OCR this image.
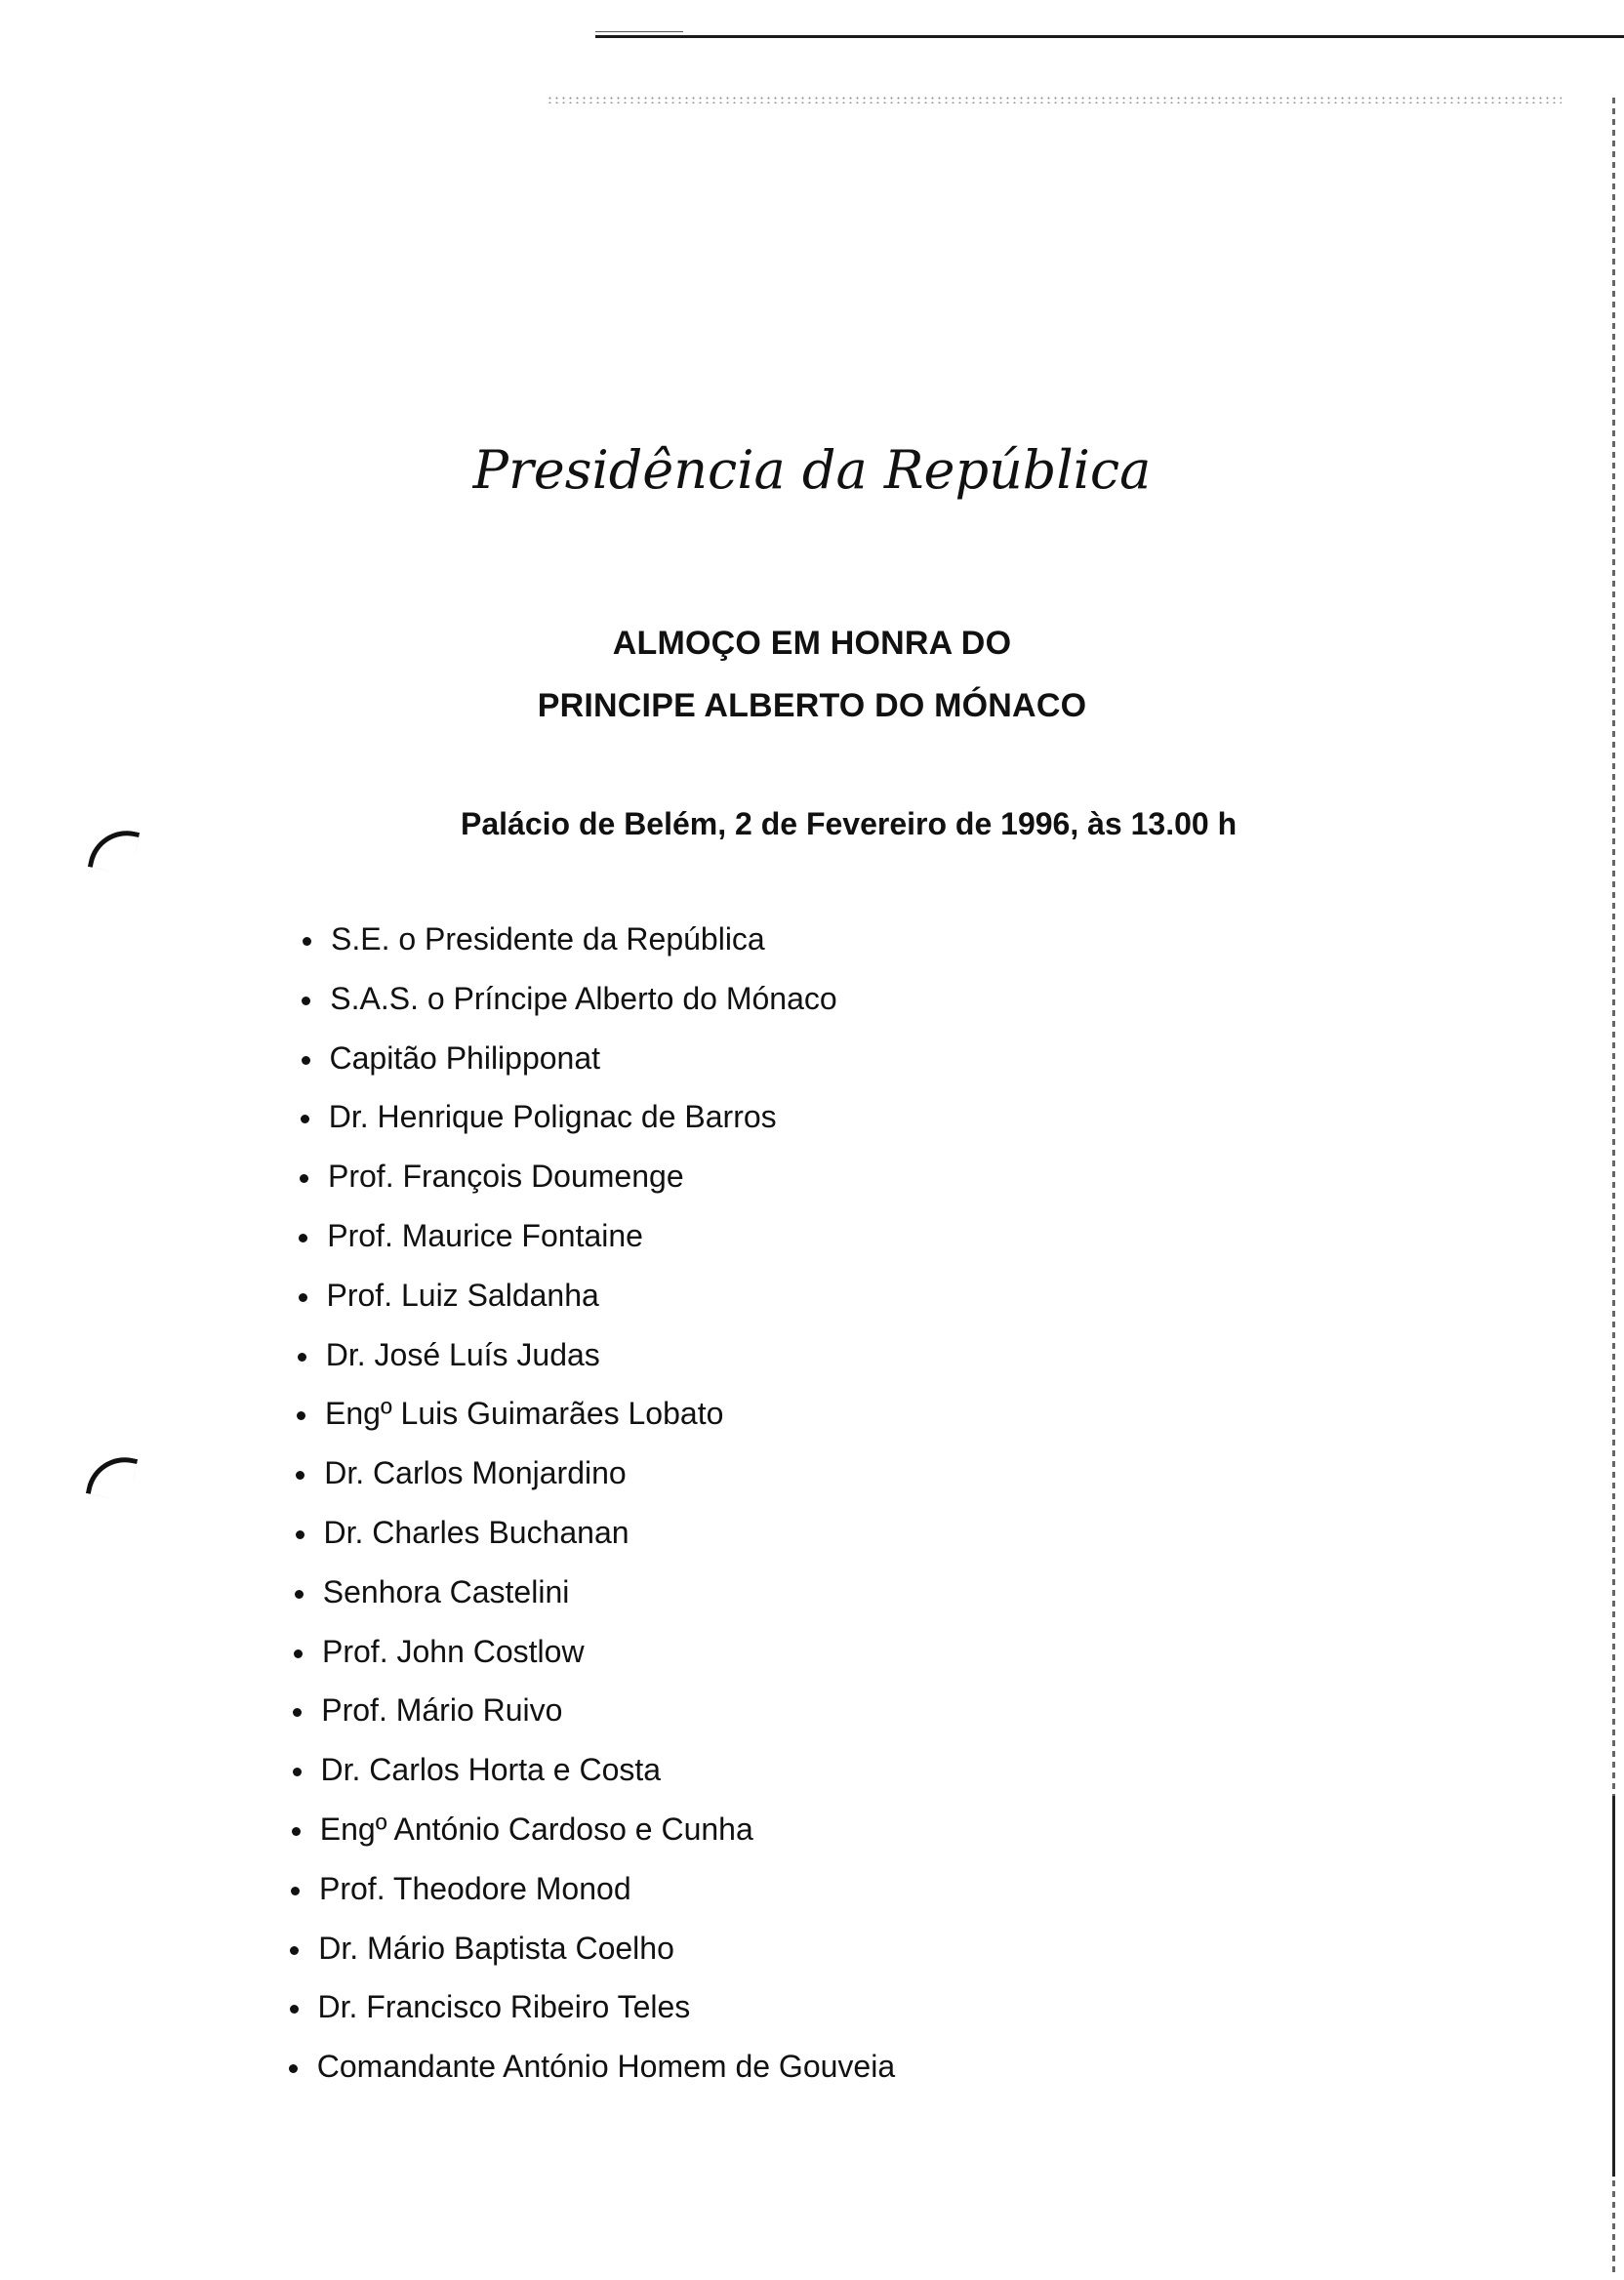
Presidência da República
ALMOÇO EM HONRA DO
PRINCIPE ALBERTO DO MÓNACO
Palácio de Belém, 2 de Fevereiro de 1996, às 13.00 h
S.E. o Presidente da República
S.A.S. o Príncipe Alberto do Mónaco
Capitão Philipponat
Dr. Henrique Polignac de Barros
Prof. François Doumenge
Prof. Maurice Fontaine
Prof. Luiz Saldanha
Dr. José Luís Judas
Engº Luis Guimarães Lobato
Dr. Carlos Monjardino
Dr. Charles Buchanan
Senhora Castelini
Prof. John Costlow
Prof. Mário Ruivo
Dr. Carlos Horta e Costa
Engº António Cardoso e Cunha
Prof. Theodore Monod
Dr. Mário Baptista Coelho
Dr. Francisco Ribeiro Teles
Comandante António Homem de Gouveia
